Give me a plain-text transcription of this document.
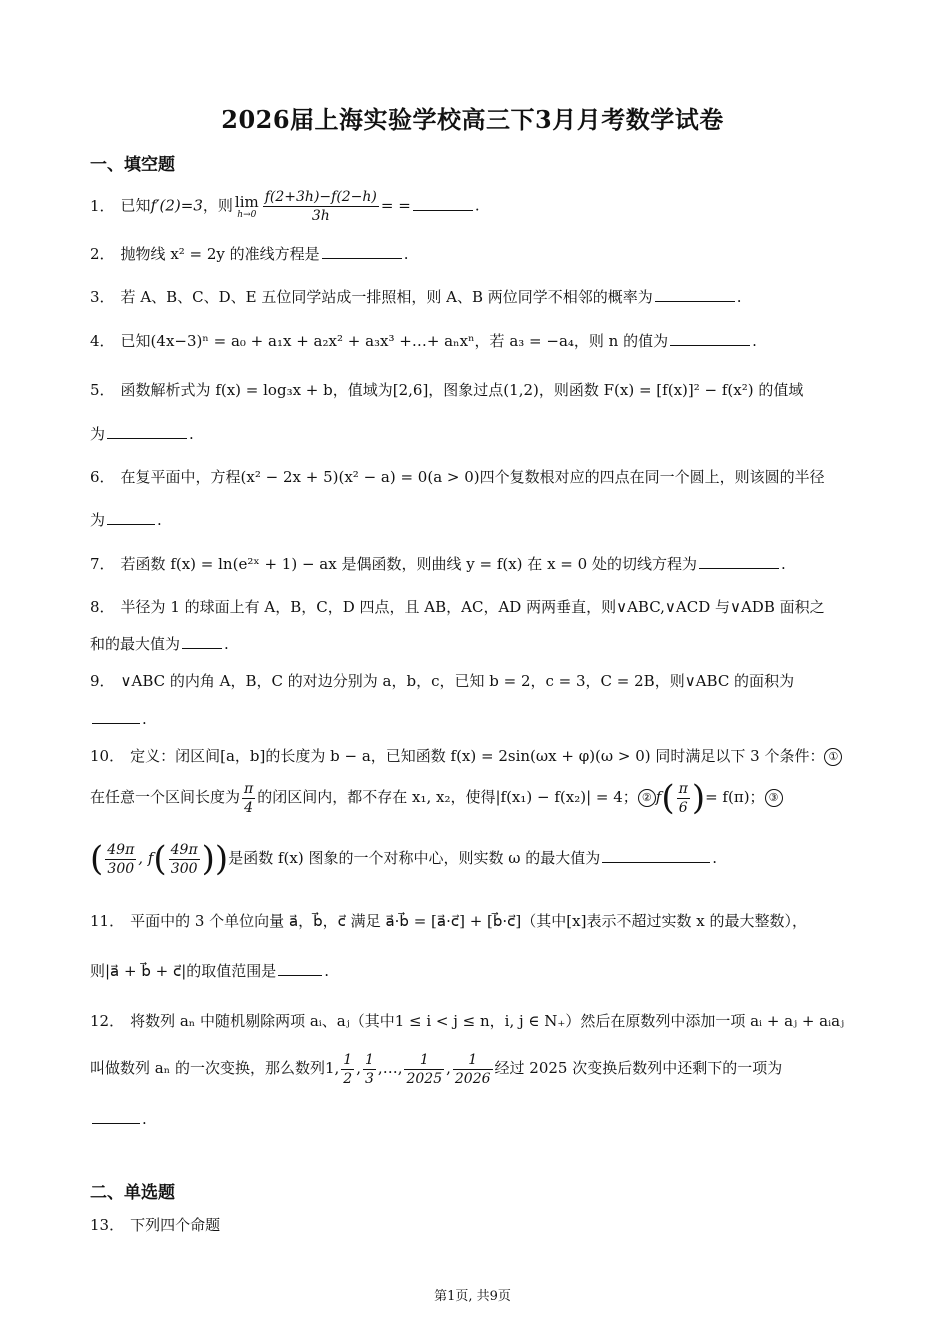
2026届上海实验学校高三下3月月考数学试卷
一、填空题
1． 已知f′(2)=3，则 lim
$h\to 0 \frac{f(2+3h)-f(2-h)}{3h}$ = =	.
2． 抛物线 x² = 2y 的准线方程是	.
3． 若 A、B、C、D、E 五位同学站成一排照相，则 A、B 两位同学不相邻的概率为	.
4． 已知(4x−3)ⁿ = a₀ + a₁x + a₂x² + a₃x³ +…+ aₙxⁿ，若 a₃ = −a₄，则 n 的值为	.
5． 函数解析式为 f(x) = log₃x + b，值域为[2,6]，图象过点(1,2)，则函数 F(x) = [f(x)]² − f(x²) 的值域
为	.
6． 在复平面中，方程(x² − 2x + 5)(x² − a) = 0(a > 0)四个复数根对应的四点在同一个圆上，则该圆的半径
为	.
7． 若函数 f(x) = ln(e²ˣ + 1) − ax 是偶函数，则曲线 y = f(x) 在 x = 0 处的切线方程为	.
8． 半径为 1 的球面上有 A，B，C，D 四点，且 AB，AC，AD 两两垂直，则∨ABC,∨ACD 与∨ADB 面积之
和的最大值为	.
9． ∨ABC 的内角 A，B，C 的对边分别为 a，b，c，已知 b = 2，c = 3，C = 2B，则∨ABC 的面积为
.
10． 定义：闭区间[a，b]的长度为 b − a，已知函数 f(x) = 2sin(ωx + φ)(ω > 0) 同时满足以下 3 个条件： ①
在任意一个区间长度为 $\frac{\pi}{4}$ 的闭区间内，都不存在 x₁, x₂，使得|f(x₁) − f(x₂)| = 4； ② $f( \frac{\pi}{6}$ )= f(π)； ③
( $\frac{49\pi}{300}$ , $f( \frac{49\pi}{300}$ ))是函数 f(x) 图象的一个对称中心，则实数 ω 的最大值为	.
11． 平面中的 3 个单位向量 a⃗，b⃗，c⃗ 满足 a⃗·b⃗ = [a⃗·c⃗] + [b⃗·c⃗]（其中[x]表示不超过实数 x 的最大整数），
则|a⃗ + b⃗ + c⃗|的取值范围是	.
12． 将数列 aₙ 中随机剔除两项 aᵢ、aⱼ（其中1 ≤ i < j ≤ n，i, j ∈ N₊）然后在原数列中添加一项 aᵢ + aⱼ + aᵢaⱼ
叫做数列 aₙ 的一次变换，那么数列1, $\frac{1}{2}$ , $\frac{1}{3}$ ,…, $\frac{1}{2025}$ , $\frac{1}{2026}$ 经过 2025 次变换后数列中还剩下的一项为
.
二、单选题
13． 下列四个命题
第1页, 共9页
